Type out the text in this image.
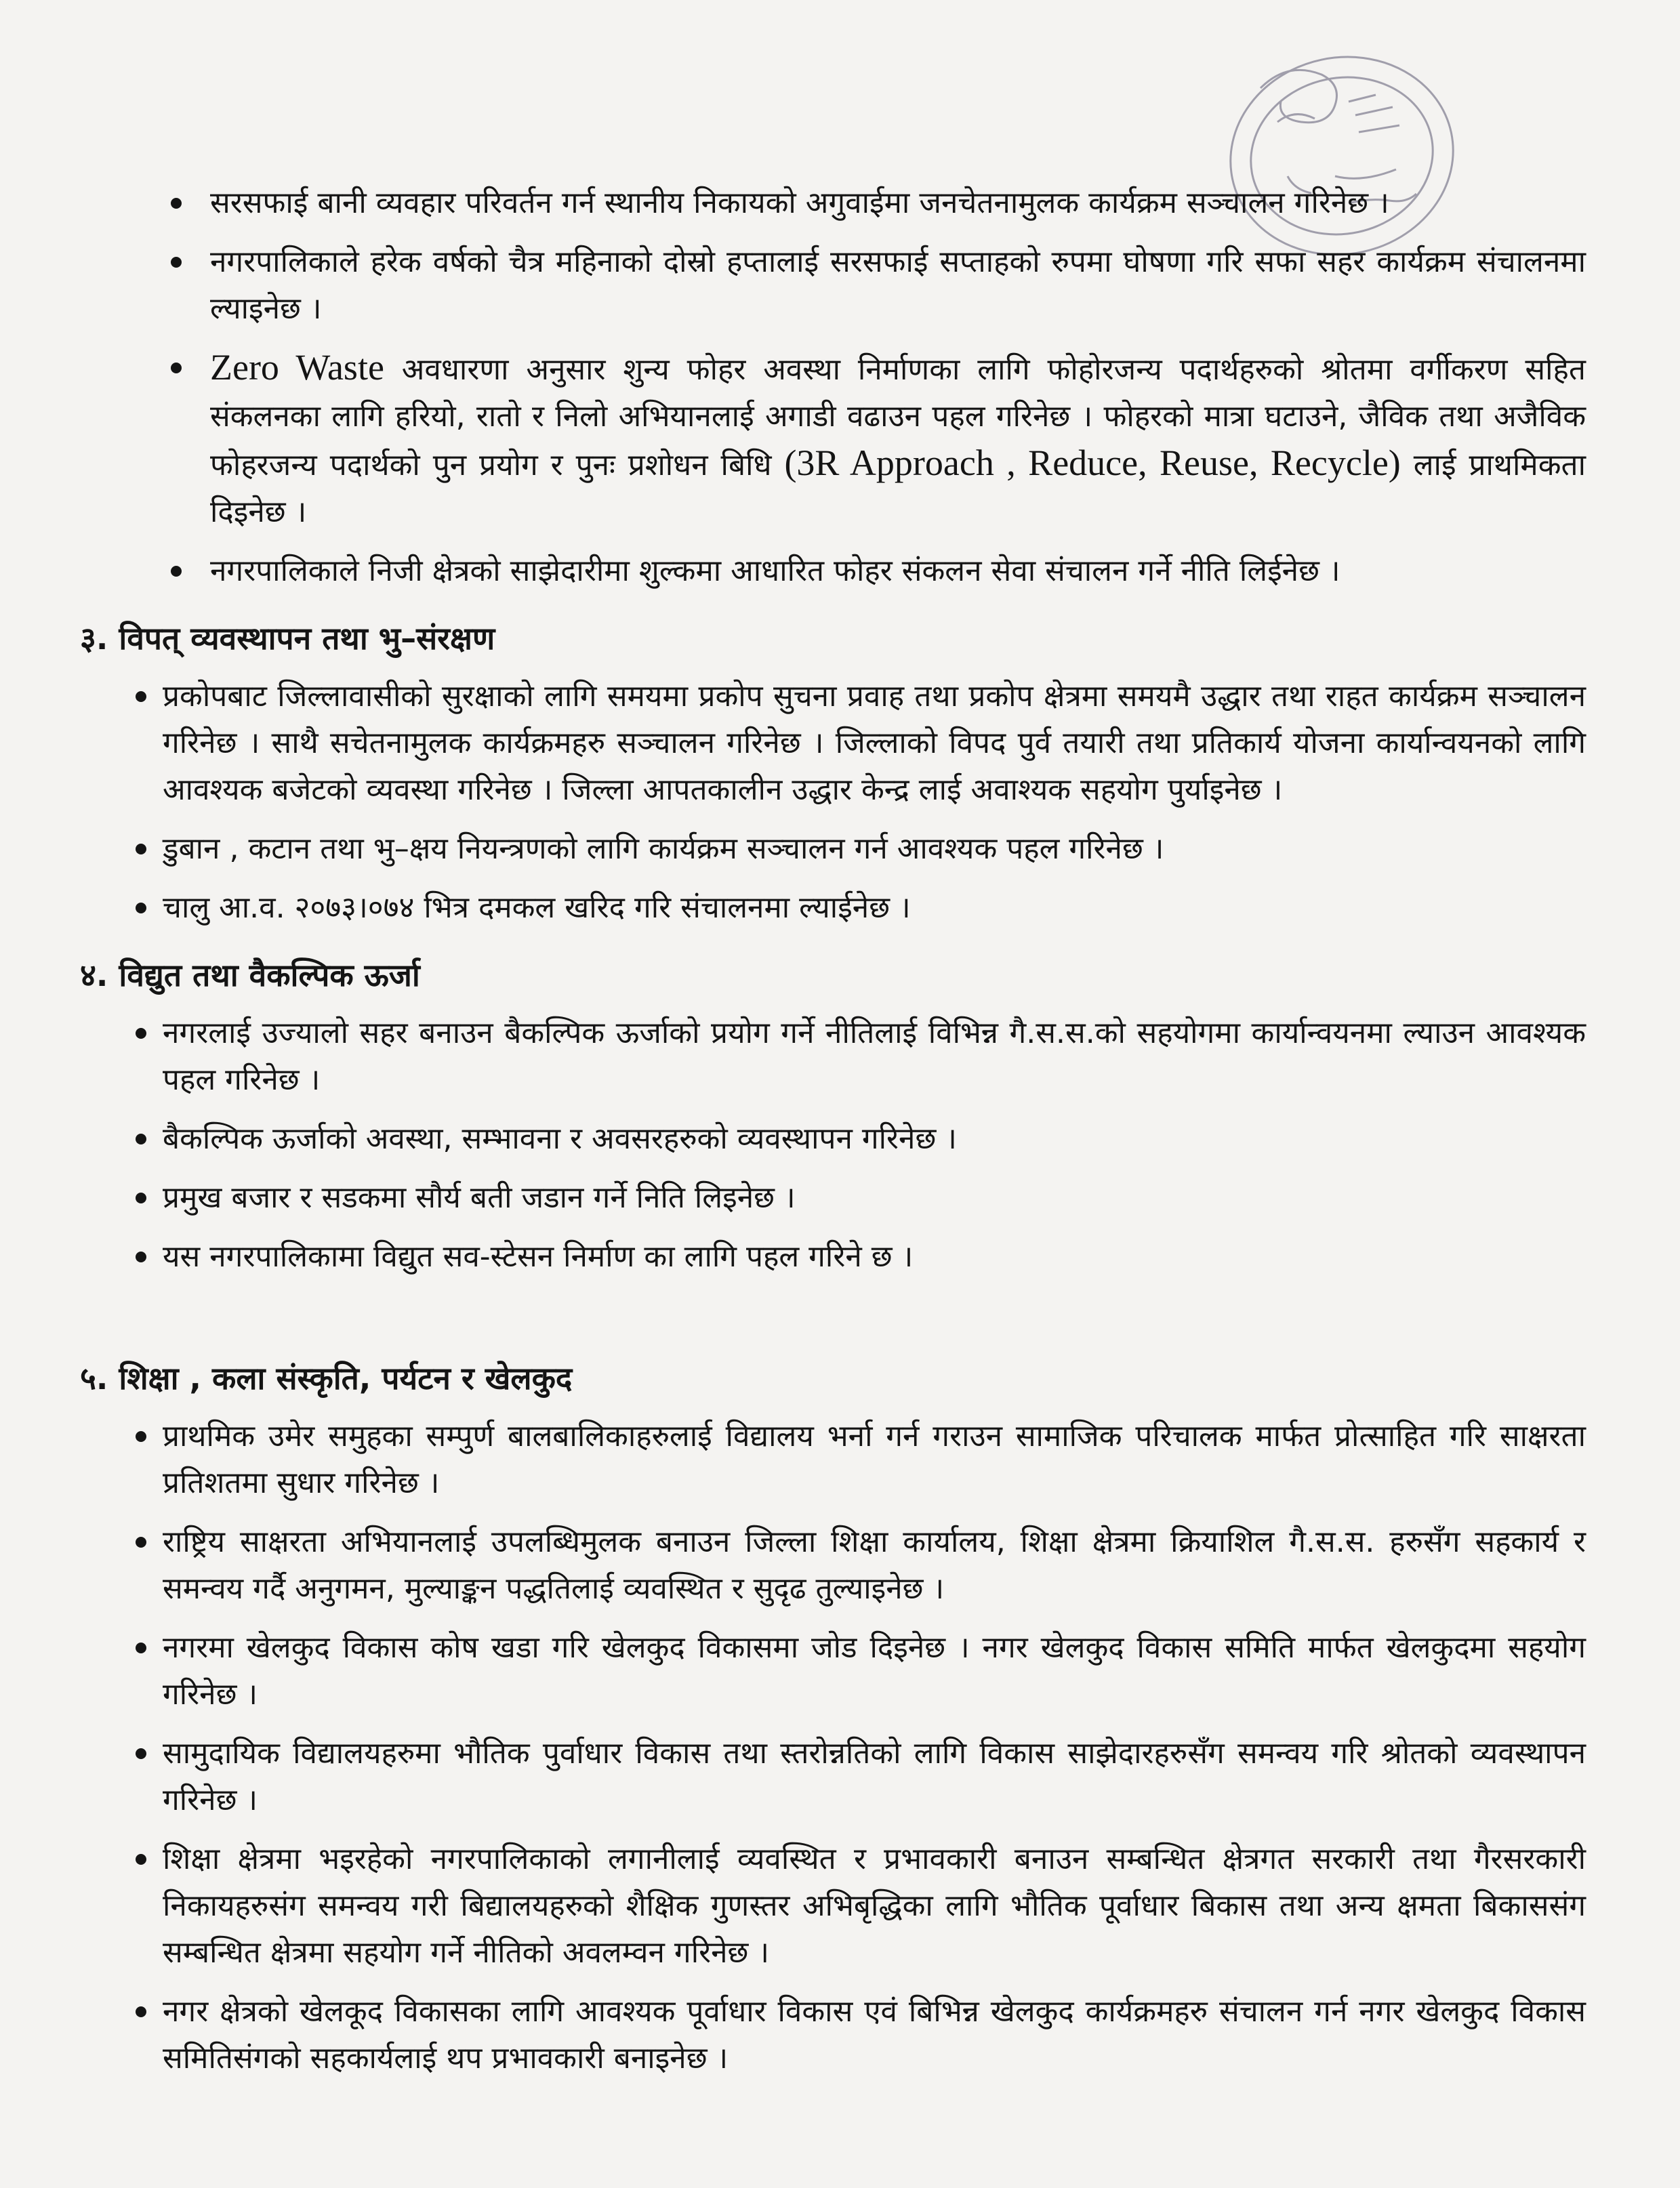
सरसफाई बानी व्यवहार परिवर्तन गर्न स्थानीय निकायको अगुवाईमा जनचेतनामुलक कार्यक्रम सञ्चालन गरिनेछ ।
नगरपालिकाले हरेक वर्षको चैत्र महिनाको दोस्रो हप्तालाई सरसफाई सप्ताहको रुपमा घोषणा गरि सफा सहर कार्यक्रम संचालनमा ल्याइनेछ ।
Zero Waste अवधारणा अनुसार शुन्य फोहर अवस्था निर्माणका लागि फोहोरजन्य पदार्थहरुको श्रोतमा वर्गीकरण सहित संकलनका लागि हरियो, रातो र निलो अभियानलाई अगाडी वढाउन पहल गरिनेछ । फोहरको मात्रा घटाउने, जैविक तथा अजैविक फोहरजन्य पदार्थको पुन प्रयोग र पुनः प्रशोधन बिधि (3R Approach , Reduce, Reuse, Recycle) लाई प्राथमिकता दिइनेछ ।
नगरपालिकाले निजी क्षेत्रको साझेदारीमा शुल्कमा आधारित फोहर संकलन सेवा संचालन गर्ने नीति लिईनेछ ।
३. विपत् व्यवस्थापन तथा भु–संरक्षण
प्रकोपबाट जिल्लावासीको सुरक्षाको लागि समयमा प्रकोप सुचना प्रवाह तथा प्रकोप क्षेत्रमा समयमै उद्धार तथा राहत कार्यक्रम सञ्चालन गरिनेछ । साथै सचेतनामुलक कार्यक्रमहरु सञ्चालन गरिनेछ । जिल्लाको विपद पुर्व तयारी तथा प्रतिकार्य योजना कार्यान्वयनको लागि आवश्यक बजेटको व्यवस्था गरिनेछ । जिल्ला आपतकालीन उद्धार केन्द्र लाई अवाश्यक सहयोग पुर्याइनेछ ।
डुबान , कटान तथा भु–क्षय नियन्त्रणको लागि कार्यक्रम सञ्चालन गर्न आवश्यक पहल गरिनेछ ।
चालु आ.व. २०७३।०७४ भित्र दमकल खरिद गरि संचालनमा ल्याईनेछ ।
४. विद्युत तथा वैकल्पिक ऊर्जा
नगरलाई उज्यालो सहर बनाउन बैकल्पिक ऊर्जाको प्रयोग गर्ने नीतिलाई विभिन्न गै.स.स.को सहयोगमा कार्यान्वयनमा ल्याउन आवश्यक पहल गरिनेछ ।
बैकल्पिक ऊर्जाको अवस्था, सम्भावना र अवसरहरुको व्यवस्थापन गरिनेछ ।
प्रमुख बजार र सडकमा सौर्य बती जडान गर्ने निति लिइनेछ ।
यस नगरपालिकामा विद्युत सव-स्टेसन निर्माण का लागि पहल गरिने छ ।
५. शिक्षा , कला संस्कृति, पर्यटन र खेलकुद
प्राथमिक उमेर समुहका सम्पुर्ण बालबालिकाहरुलाई विद्यालय भर्ना गर्न गराउन सामाजिक परिचालक मार्फत प्रोत्साहित गरि साक्षरता प्रतिशतमा सुधार गरिनेछ ।
राष्ट्रिय साक्षरता अभियानलाई उपलब्धिमुलक बनाउन जिल्ला शिक्षा कार्यालय, शिक्षा क्षेत्रमा क्रियाशिल गै.स.स. हरुसँग सहकार्य र समन्वय गर्दै अनुगमन, मुल्याङ्कन पद्धतिलाई व्यवस्थित र सुदृढ तुल्याइनेछ ।
नगरमा खेलकुद विकास कोष खडा गरि खेलकुद विकासमा जोड दिइनेछ । नगर खेलकुद विकास समिति मार्फत खेलकुदमा सहयोग गरिनेछ ।
सामुदायिक विद्यालयहरुमा भौतिक पुर्वाधार विकास तथा स्तरोन्नतिको लागि विकास साझेदारहरुसँग समन्वय गरि श्रोतको व्यवस्थापन गरिनेछ ।
शिक्षा क्षेत्रमा भइरहेको नगरपालिकाको लगानीलाई व्यवस्थित र प्रभावकारी बनाउन सम्बन्धित क्षेत्रगत सरकारी तथा गैरसरकारी निकायहरुसंग समन्वय गरी बिद्यालयहरुको शैक्षिक गुणस्तर अभिबृद्धिका लागि भौतिक पूर्वाधार बिकास तथा अन्य क्षमता बिकाससंग सम्बन्धित क्षेत्रमा सहयोग गर्ने नीतिको अवलम्वन गरिनेछ ।
नगर क्षेत्रको खेलकूद विकासका लागि आवश्यक पूर्वाधार विकास एवं बिभिन्न खेलकुद कार्यक्रमहरु संचालन गर्न नगर खेलकुद विकास समितिसंगको सहकार्यलाई थप प्रभावकारी बनाइनेछ ।
